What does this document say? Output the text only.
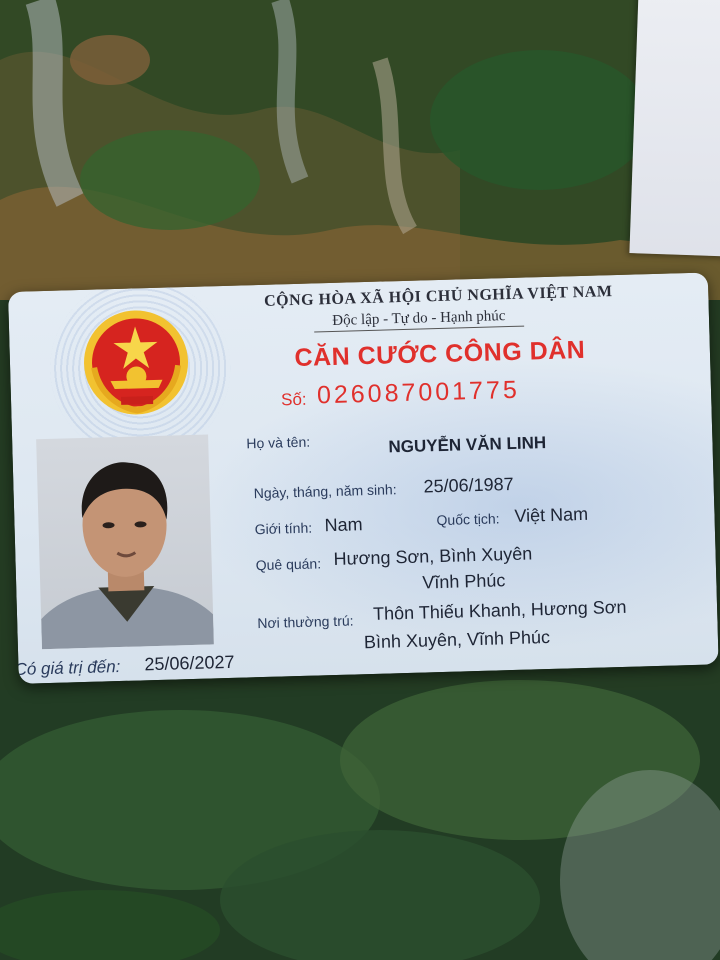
CỘNG HÒA XÃ HỘI CHỦ NGHĨA VIỆT NAM
Độc lập - Tự do - Hạnh phúc
CĂN CƯỚC CÔNG DÂN
Số: 026087001775
Họ và tên:	NGUYỄN VĂN LINH
Ngày, tháng, năm sinh: 25/06/1987
Giới tính: Nam	Quốc tịch: Việt Nam
Quê quán: Hương Sơn, Bình Xuyên
Vĩnh Phúc
Nơi thường trú: Thôn Thiếu Khanh, Hương Sơn
Bình Xuyên, Vĩnh Phúc
Có giá trị đến: 25/06/2027
